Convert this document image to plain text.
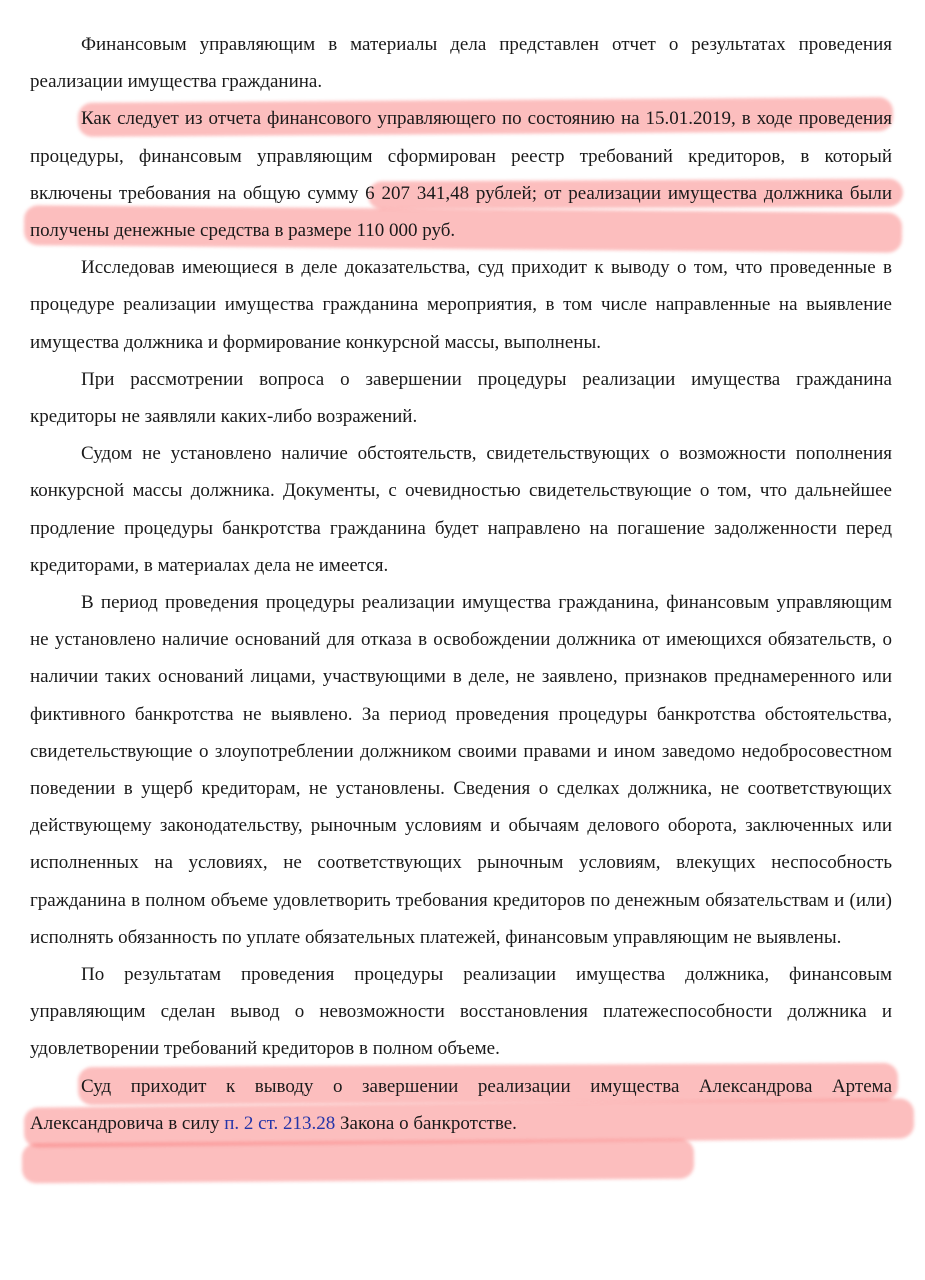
Финансовым управляющим в материалы дела представлен отчет о результатах проведения реализации имущества гражданина.

Как следует из отчета финансового управляющего по состоянию на 15.01.2019, в ходе проведения процедуры, финансовым управляющим сформирован реестр требований кредиторов, в который включены требования на общую сумму 6 207 341,48 рублей; от реализации имущества должника были получены денежные средства в размере 110 000 руб.

Исследовав имеющиеся в деле доказательства, суд приходит к выводу о том, что проведенные в процедуре реализации имущества гражданина мероприятия, в том числе направленные на выявление имущества должника и формирование конкурсной массы, выполнены.

При рассмотрении вопроса о завершении процедуры реализации имущества гражданина кредиторы не заявляли каких-либо возражений.

Судом не установлено наличие обстоятельств, свидетельствующих о возможности пополнения конкурсной массы должника. Документы, с очевидностью свидетельствующие о том, что дальнейшее продление процедуры банкротства гражданина будет направлено на погашение задолженности перед кредиторами, в материалах дела не имеется.

В период проведения процедуры реализации имущества гражданина, финансовым управляющим не установлено наличие оснований для отказа в освобождении должника от имеющихся обязательств, о наличии таких оснований лицами, участвующими в деле, не заявлено, признаков преднамеренного или фиктивного банкротства не выявлено. За период проведения процедуры банкротства обстоятельства, свидетельствующие о злоупотреблении должником своими правами и ином заведомо недобросовестном поведении в ущерб кредиторам, не установлены. Сведения о сделках должника, не соответствующих действующему законодательству, рыночным условиям и обычаям делового оборота, заключенных или исполненных на условиях, не соответствующих рыночным условиям, влекущих неспособность гражданина в полном объеме удовлетворить требования кредиторов по денежным обязательствам и (или) исполнять обязанность по уплате обязательных платежей, финансовым управляющим не выявлены.

По результатам проведения процедуры реализации имущества должника, финансовым управляющим сделан вывод о невозможности восстановления платежеспособности должника и удовлетворении требований кредиторов в полном объеме.

Суд приходит к выводу о завершении реализации имущества Александрова Артема Александровича в силу п. 2 ст. 213.28 Закона о банкротстве.
